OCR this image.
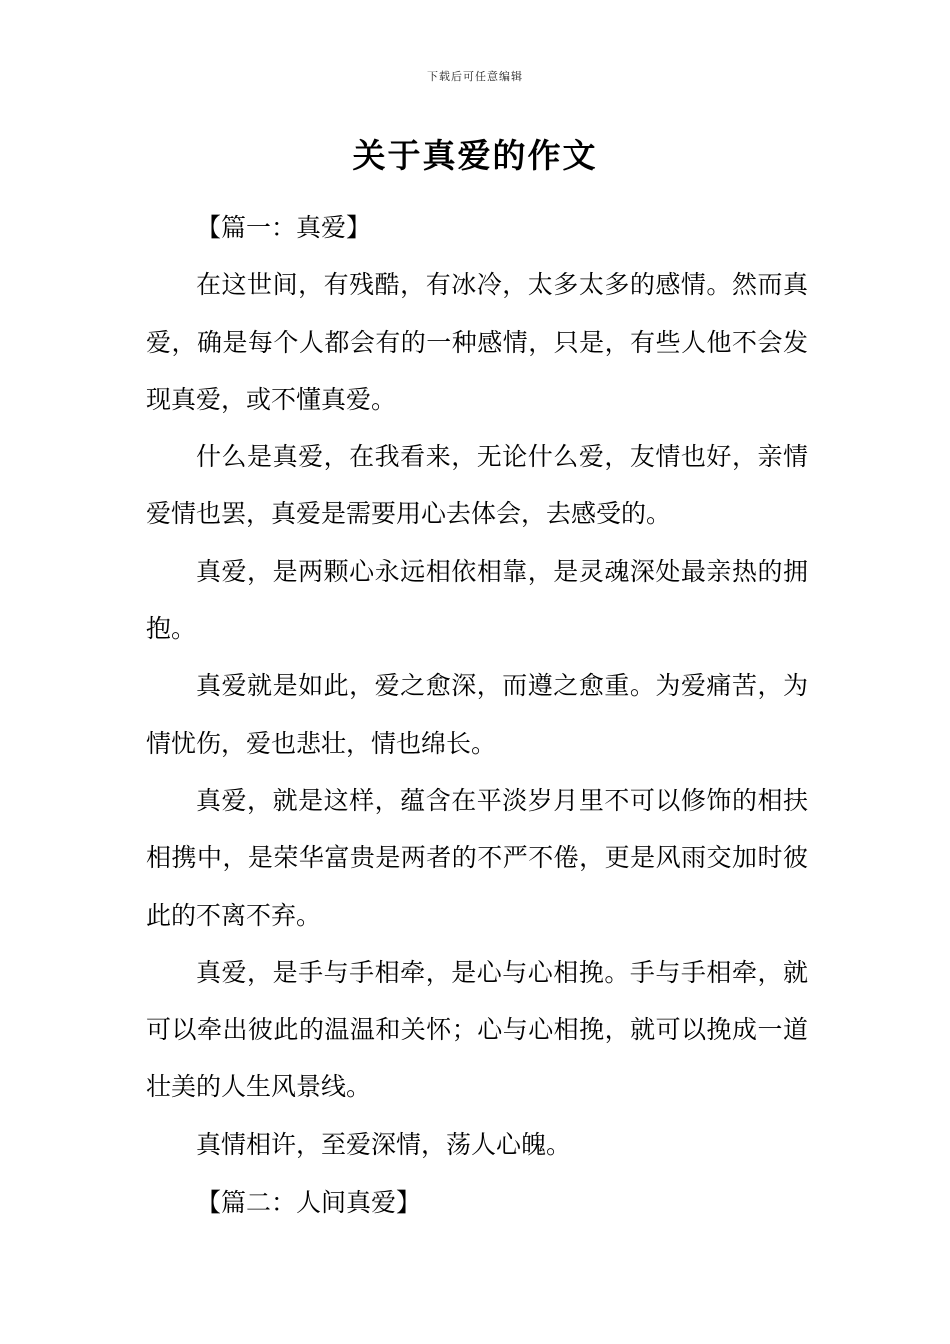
下载后可任意编辑
关于真爱的作文

【篇一：真爱】

在这世间，有残酷，有冰冷，太多太多的感情。然而真爱，确是每个人都会有的一种感情，只是，有些人他不会发现真爱，或不懂真爱。

什么是真爱，在我看来，无论什么爱，友情也好，亲情爱情也罢，真爱是需要用心去体会，去感受的。

真爱，是两颗心永远相依相靠，是灵魂深处最亲热的拥抱。

真爱就是如此，爱之愈深，而遵之愈重。为爱痛苦，为情忧伤，爱也悲壮，情也绵长。

真爱，就是这样，蕴含在平淡岁月里不可以修饰的相扶相携中，是荣华富贵是两者的不严不倦，更是风雨交加时彼此的不离不弃。

真爱，是手与手相牵，是心与心相挽。手与手相牵，就可以牵出彼此的温温和关怀；心与心相挽，就可以挽成一道壮美的人生风景线。

真情相许，至爱深情，荡人心魄。

【篇二：人间真爱】
